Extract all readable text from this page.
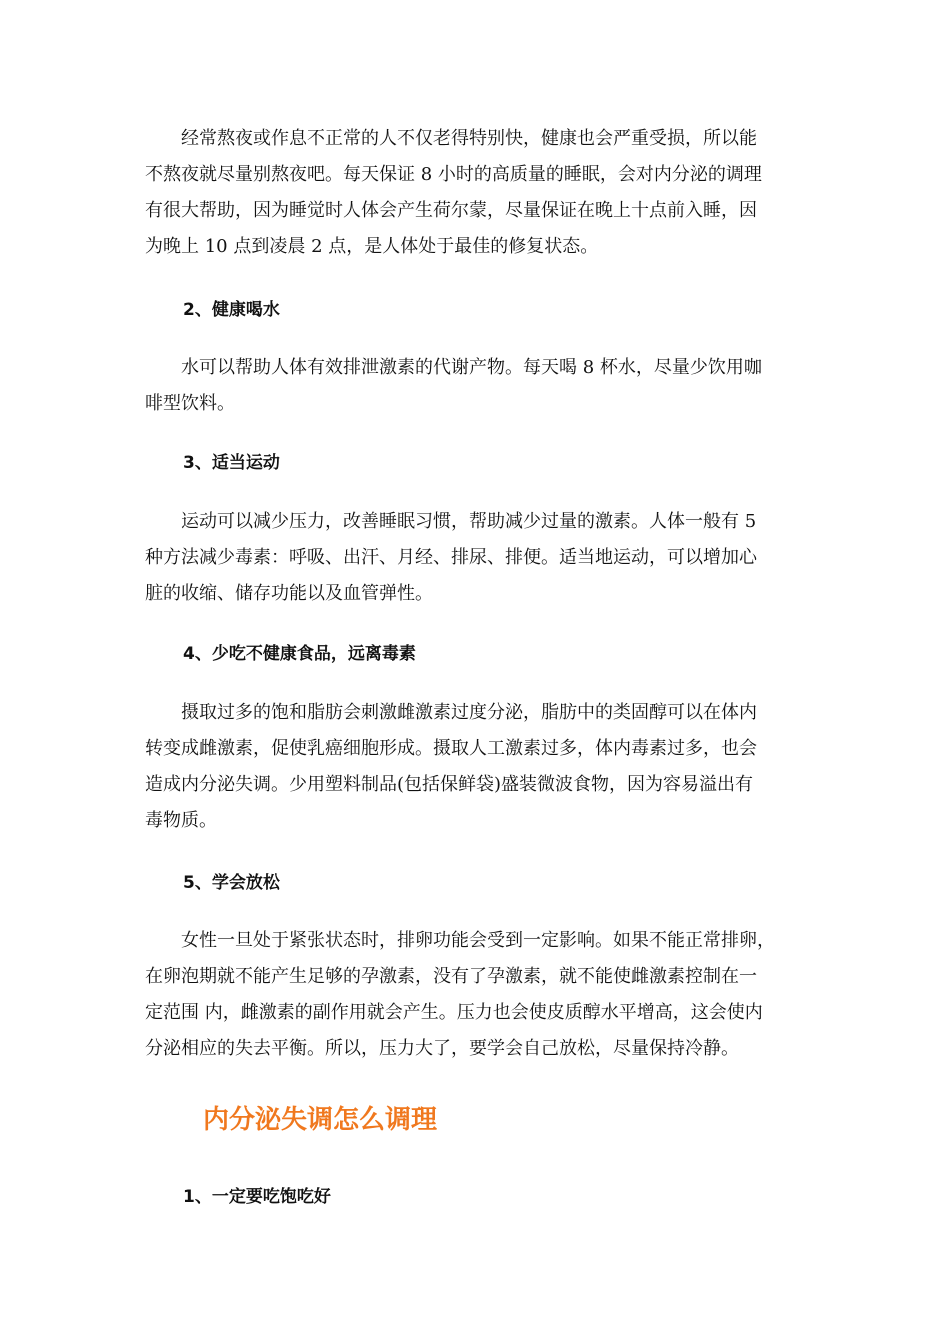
　　经常熬夜或作息不正常的人不仅老得特别快，健康也会严重受损，所以能
不熬夜就尽量别熬夜吧。每天保证 8 小时的高质量的睡眠，会对内分泌的调理
有很大帮助，因为睡觉时人体会产生荷尔蒙，尽量保证在晚上十点前入睡，因
为晚上 10 点到凌晨 2 点，是人体处于最佳的修复状态。

2、健康喝水

　　水可以帮助人体有效排泄激素的代谢产物。每天喝 8 杯水，尽量少饮用咖
啡型饮料。

3、适当运动

　　运动可以减少压力，改善睡眠习惯，帮助减少过量的激素。人体一般有 5
种方法减少毒素：呼吸、出汗、月经、排尿、排便。适当地运动，可以增加心
脏的收缩、储存功能以及血管弹性。

4、少吃不健康食品，远离毒素

　　摄取过多的饱和脂肪会刺激雌激素过度分泌，脂肪中的类固醇可以在体内
转变成雌激素，促使乳癌细胞形成。摄取人工激素过多，体内毒素过多，也会
造成内分泌失调。少用塑料制品(包括保鲜袋)盛装微波食物，因为容易溢出有
毒物质。

5、学会放松

　　女性一旦处于紧张状态时，排卵功能会受到一定影响。如果不能正常排卵，
在卵泡期就不能产生足够的孕激素，没有了孕激素，就不能使雌激素控制在一
定范围 内，雌激素的副作用就会产生。压力也会使皮质醇水平增高，这会使内
分泌相应的失去平衡。所以，压力大了，要学会自己放松，尽量保持冷静。

内分泌失调怎么调理
1、一定要吃饱吃好
